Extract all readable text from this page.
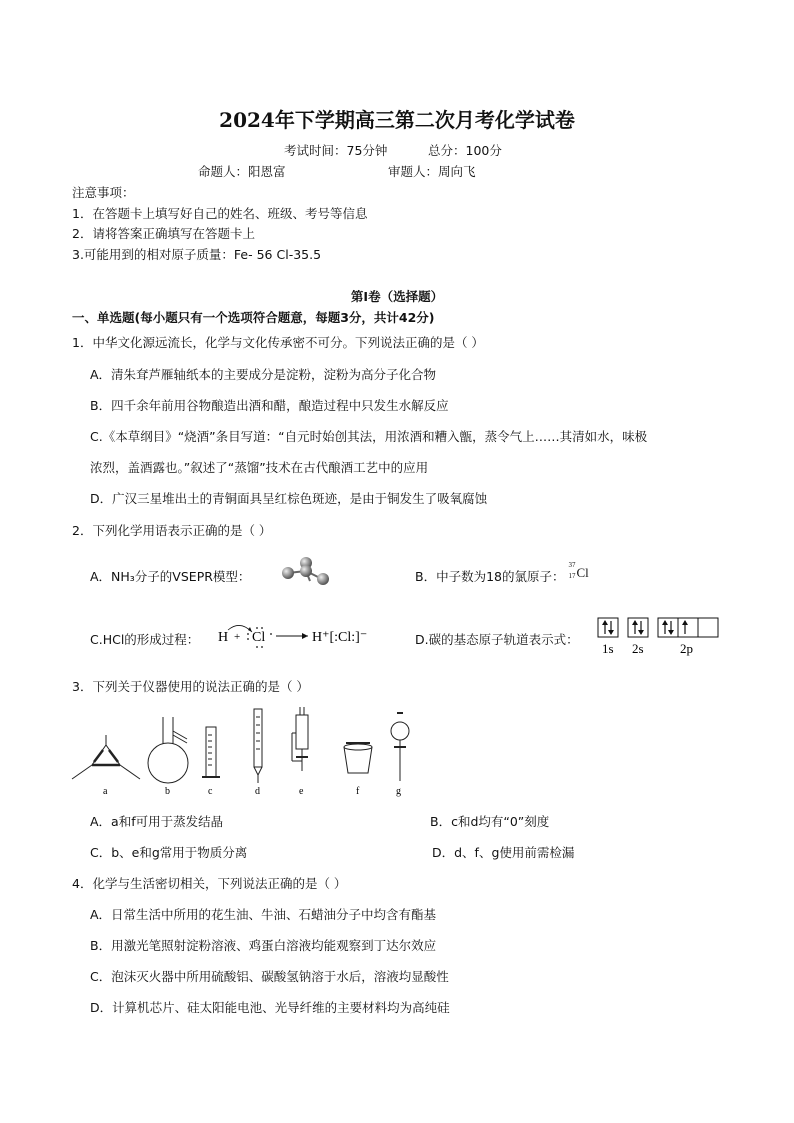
2024年下学期高三第二次月考化学试卷
考试时间：75分钟	总分：100分
命题人：阳恩富	审题人：周向飞
注意事项：
1．在答题卡上填写好自己的姓名、班级、考号等信息
2．请将答案正确填写在答题卡上
3.可能用到的相对原子质量：Fe- 56 Cl-35.5
第Ⅰ卷（选择题）
一、单选题(每小题只有一个选项符合题意，每题3分，共计42分)
1．中华文化源远流长，化学与文化传承密不可分。下列说法正确的是（ ）
A．清朱耷芦雁轴纸本的主要成分是淀粉，淀粉为高分子化合物
B．四千余年前用谷物酿造出酒和醋，酿造过程中只发生水解反应
C.《本草纲目》“烧酒”条目写道：“自元时始创其法，用浓酒和糟入甑，蒸令气上……其清如水，味极
浓烈，盖酒露也。”叙述了“蒸馏”技术在古代酿酒工艺中的应用
D．广汉三星堆出土的青铜面具呈红棕色斑迹，是由于铜发生了吸氧腐蚀
2．下列化学用语表示正确的是（ ）
A．NH₃分子的VSEPR模型：	B．中子数为18的氯原子：
37
17 Cl
C.HCl的形成过程： H + Cl	H⁺[:Cl:]⁻	D.碳的基态原子轨道表示式：
1s 2s	2p
3．下列关于仪器使用的说法正确的是（ ）
a	b	c	d	e	f	g
A．a和f可用于蒸发结晶	B．c和d均有“0”刻度
C．b、e和g常用于物质分离	D．d、f、g使用前需检漏
4．化学与生活密切相关，下列说法正确的是（ ）
A．日常生活中所用的花生油、牛油、石蜡油分子中均含有酯基
B．用激光笔照射淀粉溶液、鸡蛋白溶液均能观察到丁达尔效应
C．泡沫灭火器中所用硫酸铝、碳酸氢钠溶于水后，溶液均显酸性
D．计算机芯片、硅太阳能电池、光导纤维的主要材料均为高纯硅
